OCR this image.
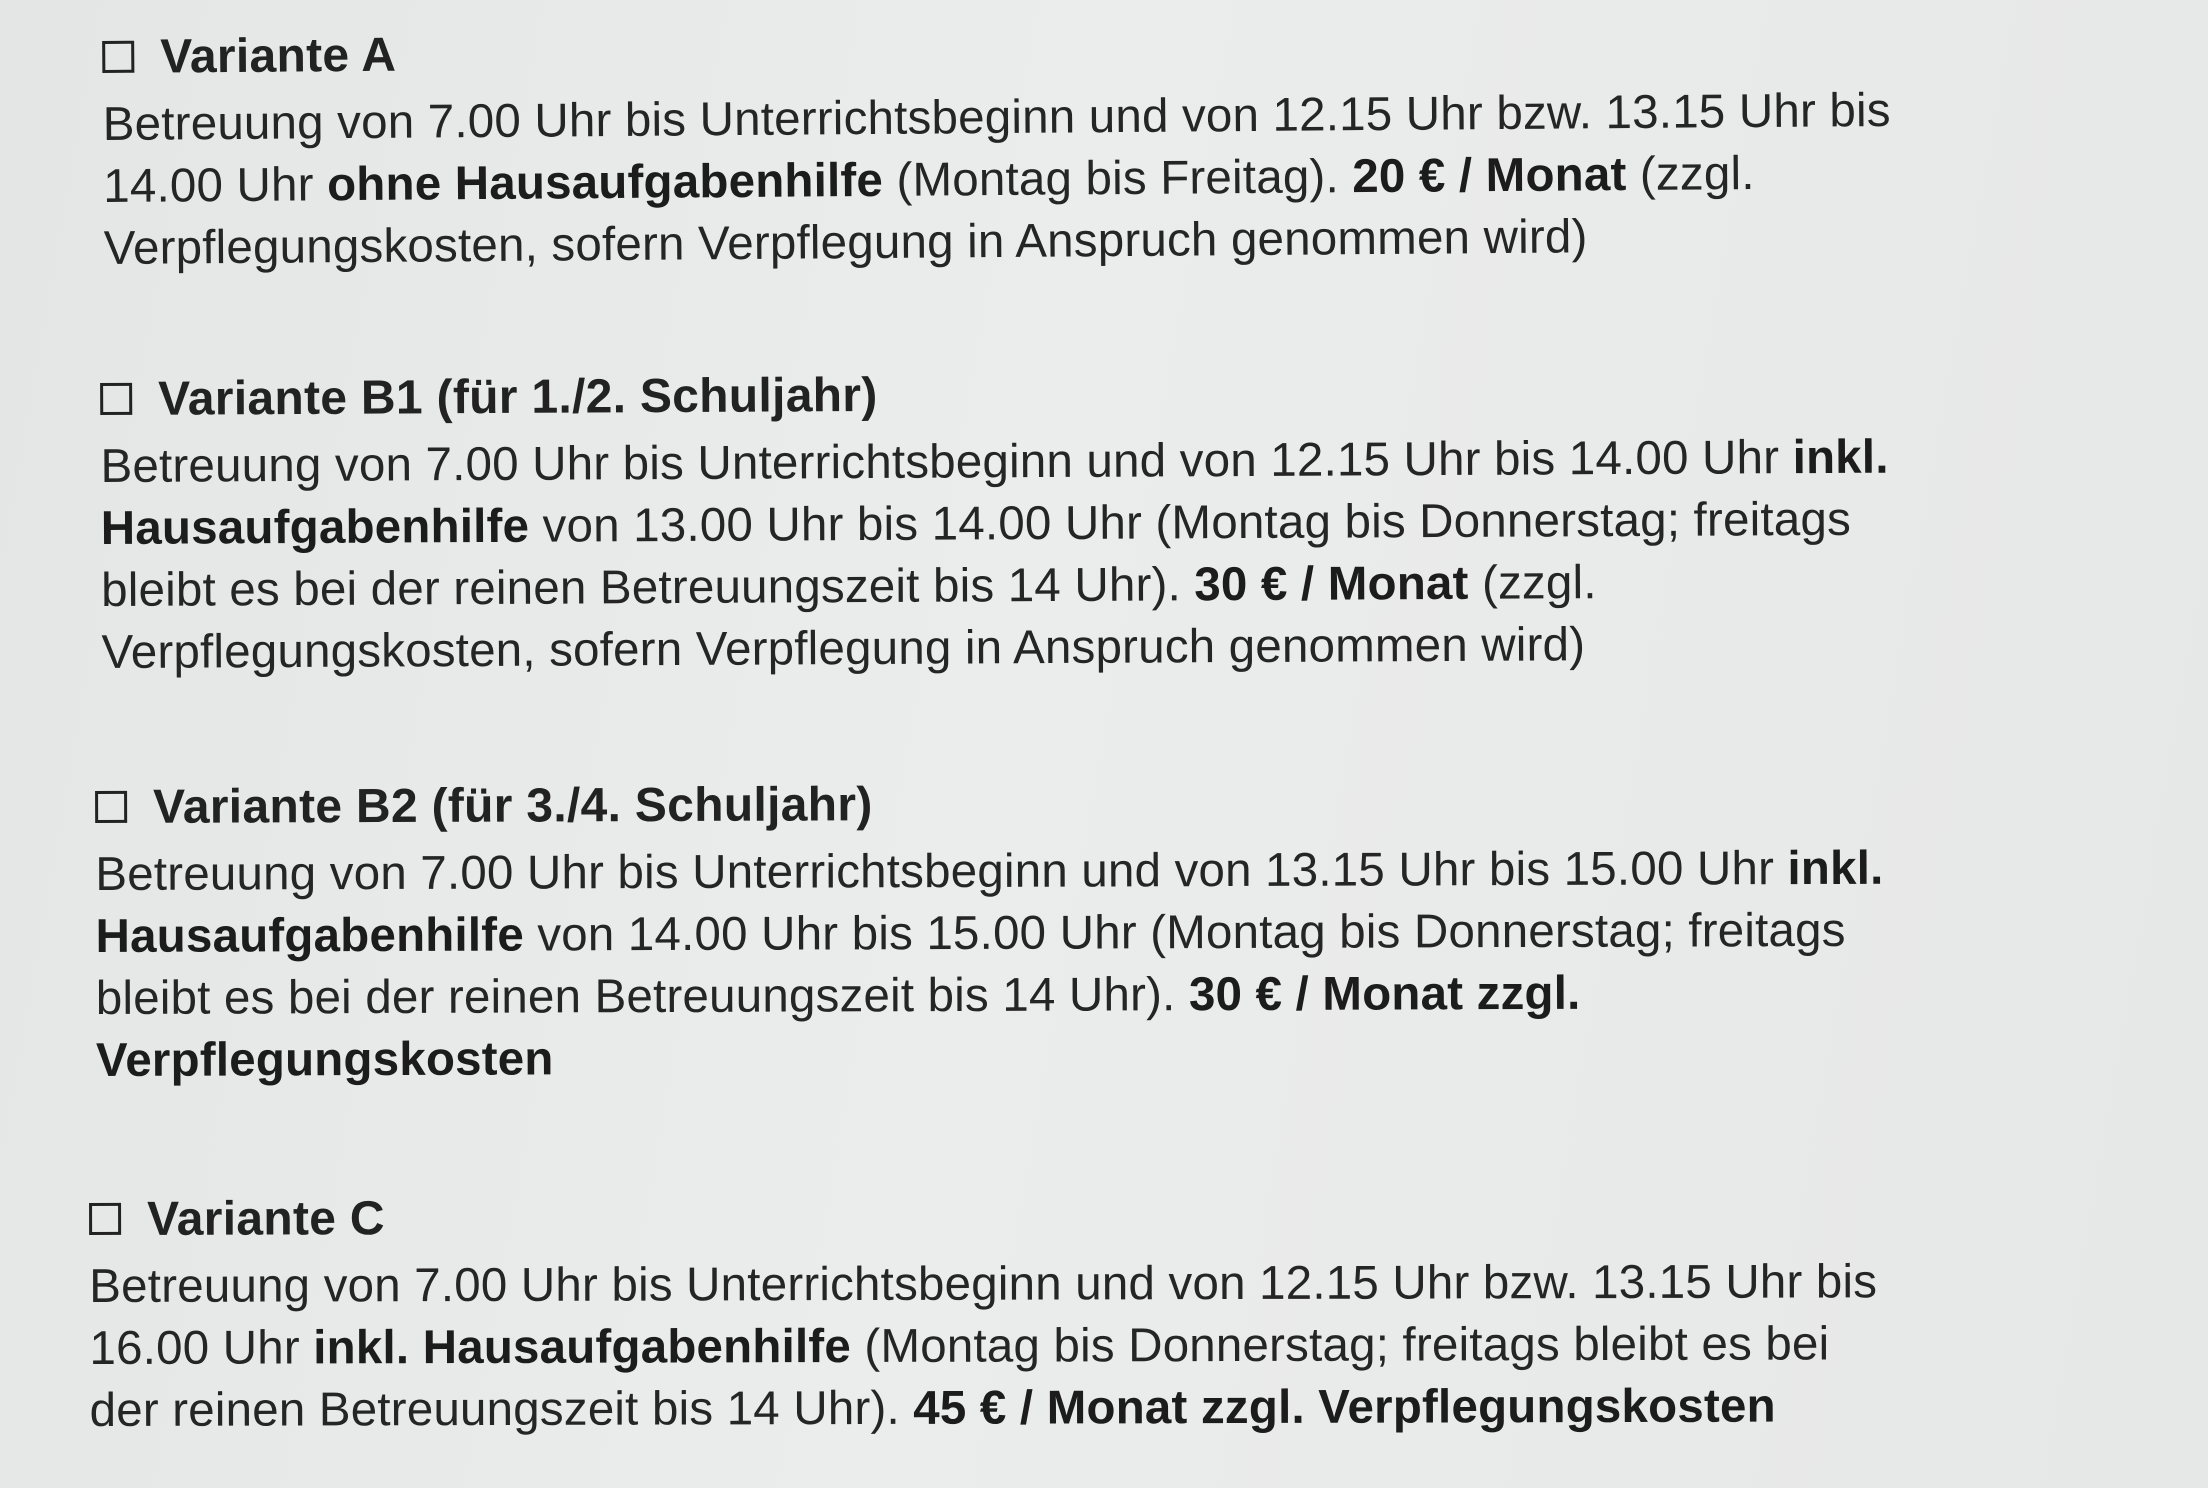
Variante A
Betreuung von 7.00 Uhr bis Unterrichtsbeginn und von 12.15 Uhr bzw. 13.15 Uhr bis
14.00 Uhr ohne Hausaufgabenhilfe (Montag bis Freitag). 20 € / Monat (zzgl.
Verpflegungskosten, sofern Verpflegung in Anspruch genommen wird)
Variante B1 (für 1./2. Schuljahr)
Betreuung von 7.00 Uhr bis Unterrichtsbeginn und von 12.15 Uhr bis 14.00 Uhr inkl.
Hausaufgabenhilfe von 13.00 Uhr bis 14.00 Uhr (Montag bis Donnerstag; freitags
bleibt es bei der reinen Betreuungszeit bis 14 Uhr). 30 € / Monat (zzgl.
Verpflegungskosten, sofern Verpflegung in Anspruch genommen wird)
Variante B2 (für 3./4. Schuljahr)
Betreuung von 7.00 Uhr bis Unterrichtsbeginn und von 13.15 Uhr bis 15.00 Uhr inkl.
Hausaufgabenhilfe von 14.00 Uhr bis 15.00 Uhr (Montag bis Donnerstag; freitags
bleibt es bei der reinen Betreuungszeit bis 14 Uhr). 30 € / Monat zzgl.
Verpflegungskosten
Variante C
Betreuung von 7.00 Uhr bis Unterrichtsbeginn und von 12.15 Uhr bzw. 13.15 Uhr bis
16.00 Uhr inkl. Hausaufgabenhilfe (Montag bis Donnerstag; freitags bleibt es bei
der reinen Betreuungszeit bis 14 Uhr). 45 € / Monat zzgl. Verpflegungskosten
